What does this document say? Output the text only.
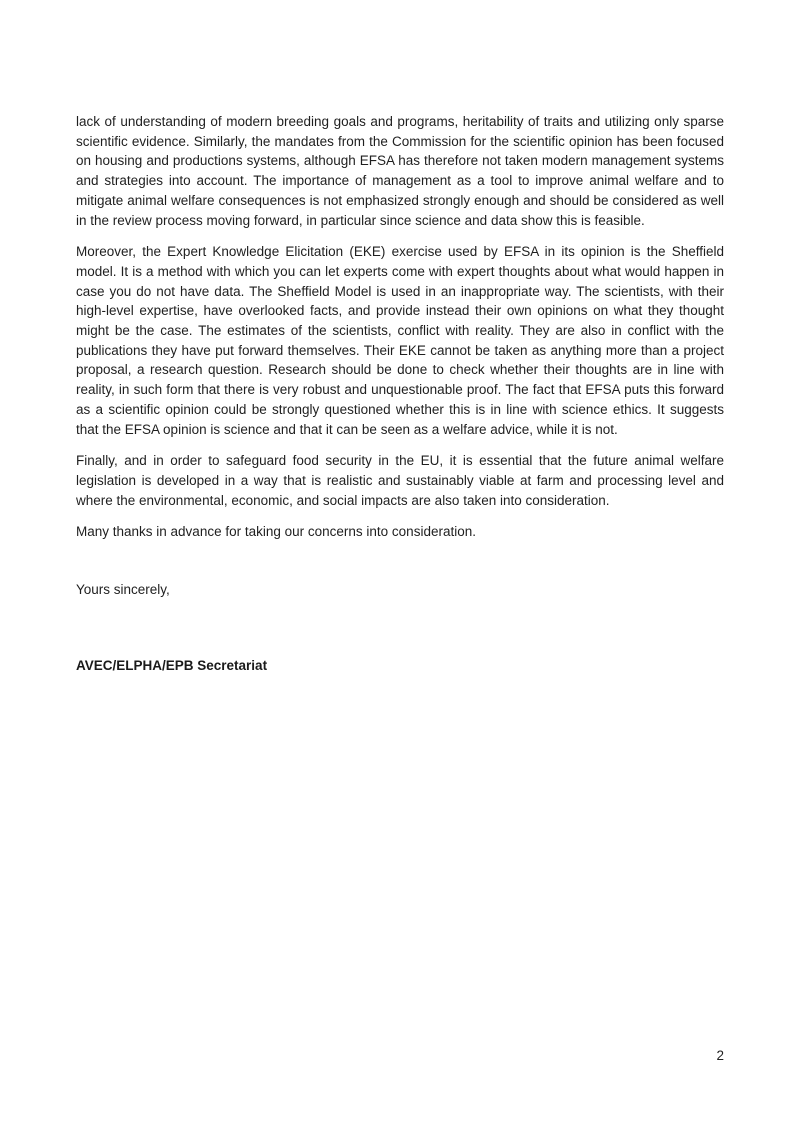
lack of understanding of modern breeding goals and programs, heritability of traits and utilizing only sparse scientific evidence. Similarly, the mandates from the Commission for the scientific opinion has been focused on housing and productions systems, although EFSA has therefore not taken modern management systems and strategies into account. The importance of management as a tool to improve animal welfare and to mitigate animal welfare consequences is not emphasized strongly enough and should be considered as well in the review process moving forward, in particular since science and data show this is feasible.

Moreover, the Expert Knowledge Elicitation (EKE) exercise used by EFSA in its opinion is the Sheffield model. It is a method with which you can let experts come with expert thoughts about what would happen in case you do not have data. The Sheffield Model is used in an inappropriate way. The scientists, with their high-level expertise, have overlooked facts, and provide instead their own opinions on what they thought might be the case. The estimates of the scientists, conflict with reality. They are also in conflict with the publications they have put forward themselves. Their EKE cannot be taken as anything more than a project proposal, a research question. Research should be done to check whether their thoughts are in line with reality, in such form that there is very robust and unquestionable proof. The fact that EFSA puts this forward as a scientific opinion could be strongly questioned whether this is in line with science ethics. It suggests that the EFSA opinion is science and that it can be seen as a welfare advice, while it is not.

Finally, and in order to safeguard food security in the EU, it is essential that the future animal welfare legislation is developed in a way that is realistic and sustainably viable at farm and processing level and where the environmental, economic, and social impacts are also taken into consideration.

Many thanks in advance for taking our concerns into consideration.

Yours sincerely,

AVEC/ELPHA/EPB Secretariat

2
